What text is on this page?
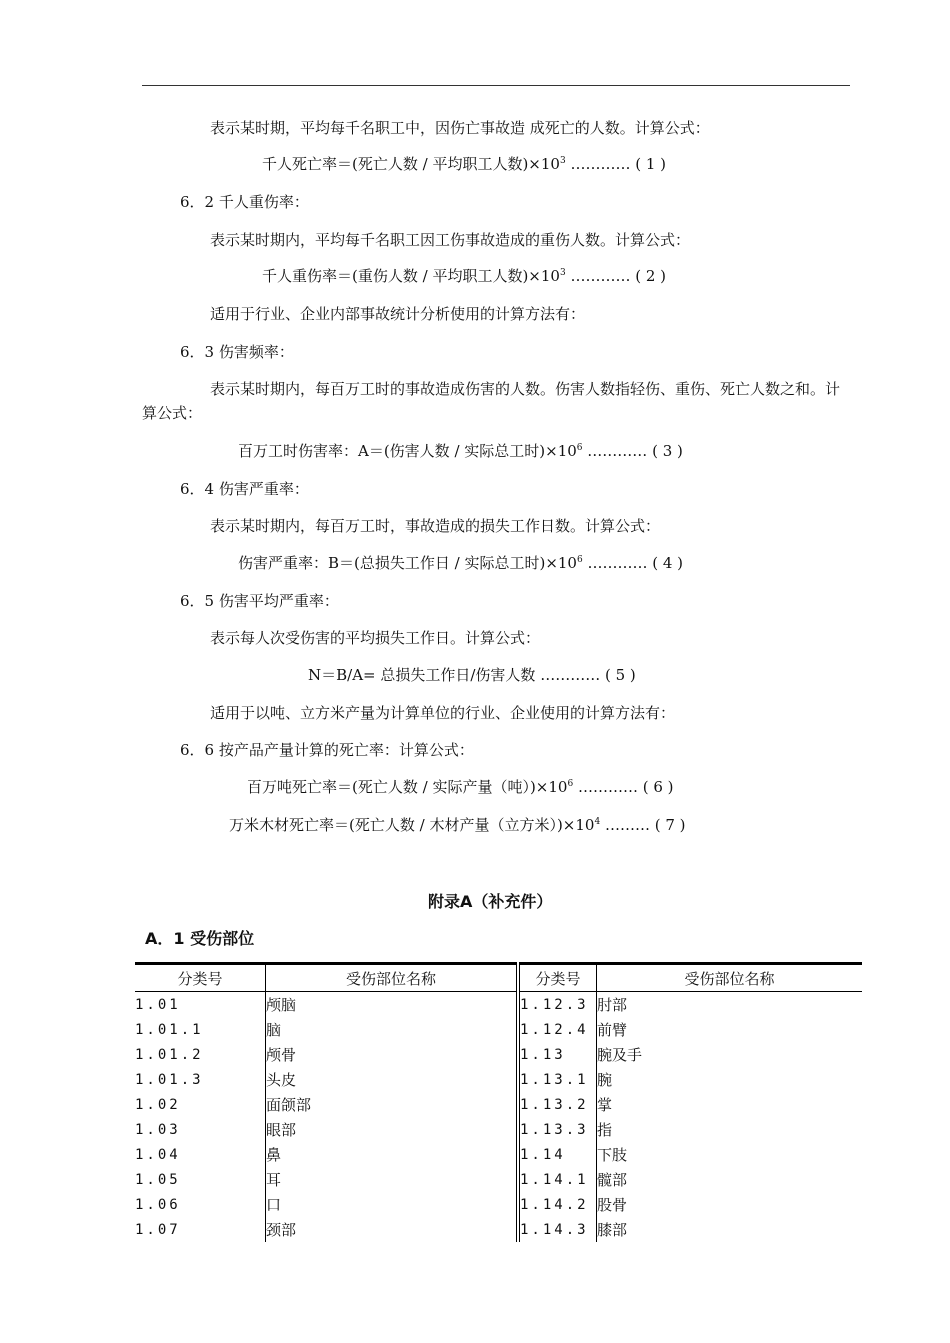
表示某时期，平均每千名职工中，因伤亡事故造 成死亡的人数。计算公式：
千人死亡率＝(死亡人数 / 平均职工人数)$\times 10^3$ ………… ( 1 )
6．2 千人重伤率：
表示某时期内，平均每千名职工因工伤事故造成的重伤人数。计算公式：
千人重伤率＝(重伤人数 / 平均职工人数)$\times 10^3$ ………… ( 2 )
适用于行业、企业内部事故统计分析使用的计算方法有：
6．3 伤害频率：
表示某时期内，每百万工时的事故造成伤害的人数。伤害人数指轻伤、重伤、死亡人数之和。计算公式：
百万工时伤害率：A＝(伤害人数 / 实际总工时)$\times 10^6$ ………… ( 3 )
6．4 伤害严重率：
表示某时期内，每百万工时，事故造成的损失工作日数。计算公式：
伤害严重率：B＝(总损失工作日 / 实际总工时)$\times 10^6$ ………… ( 4 )
6．5 伤害平均严重率：
表示每人次受伤害的平均损失工作日。计算公式：
N＝B/A= 总损失工作日/伤害人数 ………… ( 5 )
适用于以吨、立方米产量为计算单位的行业、企业使用的计算方法有：
6．6 按产品产量计算的死亡率：计算公式：
百万吨死亡率＝(死亡人数 / 实际产量（吨）)$\times 10^6$ ………… ( 6 )
万米木材死亡率＝(死亡人数 / 木材产量（立方米）)$\times 10^4$ ……… ( 7 )
附录A（补充件）
A．1 受伤部位
分类号	受伤部位名称	分类号	受伤部位名称
1.01	颅脑	1.12.3	肘部
1.01.1	脑	1.12.4	前臂
1.01.2	颅骨	1.13	腕及手
1.01.3	头皮	1.13.1	腕
1.02	面颌部	1.13.2	掌
1.03	眼部	1.13.3	指
1.04	鼻	1.14	下肢
1.05	耳	1.14.1	髋部
1.06	口	1.14.2	股骨
1.07	颈部	1.14.3	膝部
